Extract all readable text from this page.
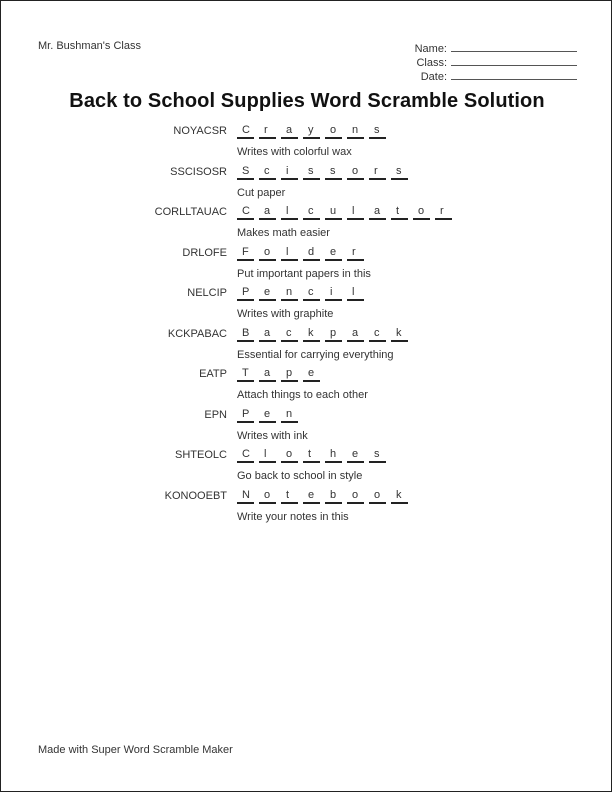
Mr. Bushman's Class	Name:
Class:
Date:
Back to School Supplies Word Scramble Solution
NOYACSR	C	r	a	y	o	n	s
Writes with colorful wax
SSCISOSR	S	c	i	s	s	o	r	s
Cut paper
CORLLTAUAC	C	a	l	c	u	l	a	t	o	r
Makes math easier
DRLOFE	F	o	l	d	e	r
Put important papers in this
NELCIP	P	e	n	c	i	l
Writes with graphite
KCKPABAC	B	a	c	k	p	a	c	k
Essential for carrying everything
EATP	T	a	p	e
Attach things to each other
EPN	P	e	n
Writes with ink
SHTEOLC	C	l	o	t	h	e	s
Go back to school in style
KONOOEBT	N	o	t	e	b	o	o	k
Write your notes in this
Made with Super Word Scramble Maker
